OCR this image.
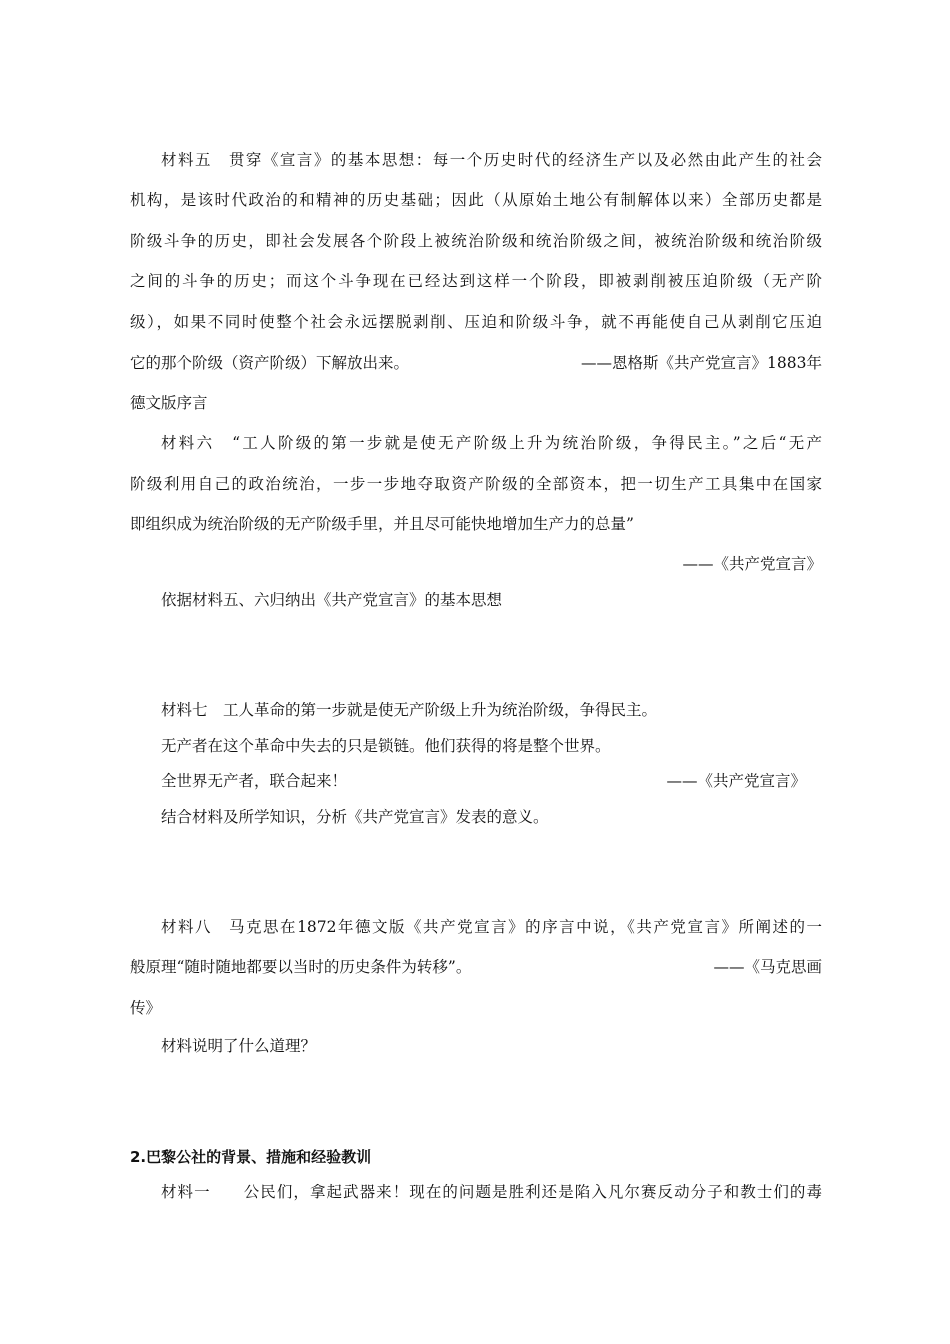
材料五　贯穿《宣言》的基本思想：每一个历史时代的经济生产以及必然由此产生的社会
机构，是该时代政治的和精神的历史基础；因此（从原始土地公有制解体以来）全部历史都是
阶级斗争的历史，即社会发展各个阶段上被统治阶级和统治阶级之间，被统治阶级和统治阶级
之间的斗争的历史；而这个斗争现在已经达到这样一个阶段，即被剥削被压迫阶级（无产阶
级），如果不同时使整个社会永远摆脱剥削、压迫和阶级斗争，就不再能使自己从剥削它压迫
它的那个阶级（资产阶级）下解放出来。	——恩格斯《共产党宣言》1883年
德文版序言
材料六　“工人阶级的第一步就是使无产阶级上升为统治阶级，争得民主。”之后“无产
阶级利用自己的政治统治，一步一步地夺取资产阶级的全部资本，把一切生产工具集中在国家
即组织成为统治阶级的无产阶级手里，并且尽可能快地增加生产力的总量”
——《共产党宣言》
依据材料五、六归纳出《共产党宣言》的基本思想
材料七　工人革命的第一步就是使无产阶级上升为统治阶级，争得民主。
无产者在这个革命中失去的只是锁链。他们获得的将是整个世界。
全世界无产者，联合起来！	——《共产党宣言》
结合材料及所学知识，分析《共产党宣言》发表的意义。
材料八　马克思在1872年德文版《共产党宣言》的序言中说，《共产党宣言》所阐述的一
般原理“随时随地都要以当时的历史条件为转移”。	——《马克思画
传》
材料说明了什么道理？
2.巴黎公社的背景、措施和经验教训
材料一　　公民们，拿起武器来！现在的问题是胜利还是陷入凡尔赛反动分子和教士们的毒
